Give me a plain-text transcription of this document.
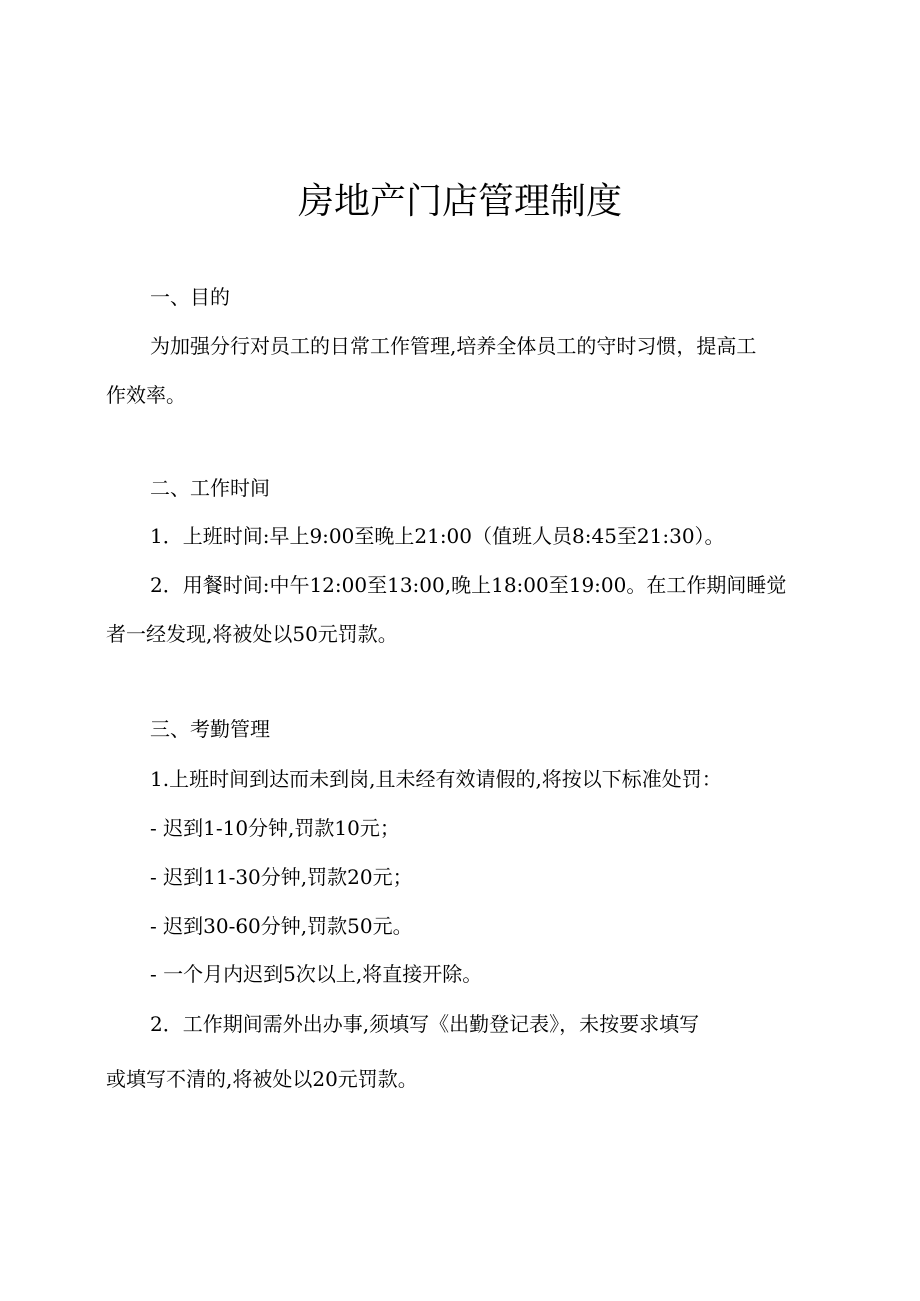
房地产门店管理制度

一、目的

为加强分行对员工的日常工作管理,培养全体员工的守时习惯，提高工

作效率。

二、工作时间

1．上班时间:早上9:00至晚上21:00（值班人员8:45至21:30）。

2．用餐时间:中午12:00至13:00,晚上18:00至19:00。在工作期间睡觉

者一经发现,将被处以50元罚款。

三、考勤管理

1.上班时间到达而未到岗,且未经有效请假的,将按以下标准处罚：

- 迟到1-10分钟,罚款10元；

- 迟到11-30分钟,罚款20元；

- 迟到30-60分钟,罚款50元。

- 一个月内迟到5次以上,将直接开除。

2．工作期间需外出办事,须填写《出勤登记表》，未按要求填写

或填写不清的,将被处以20元罚款。
